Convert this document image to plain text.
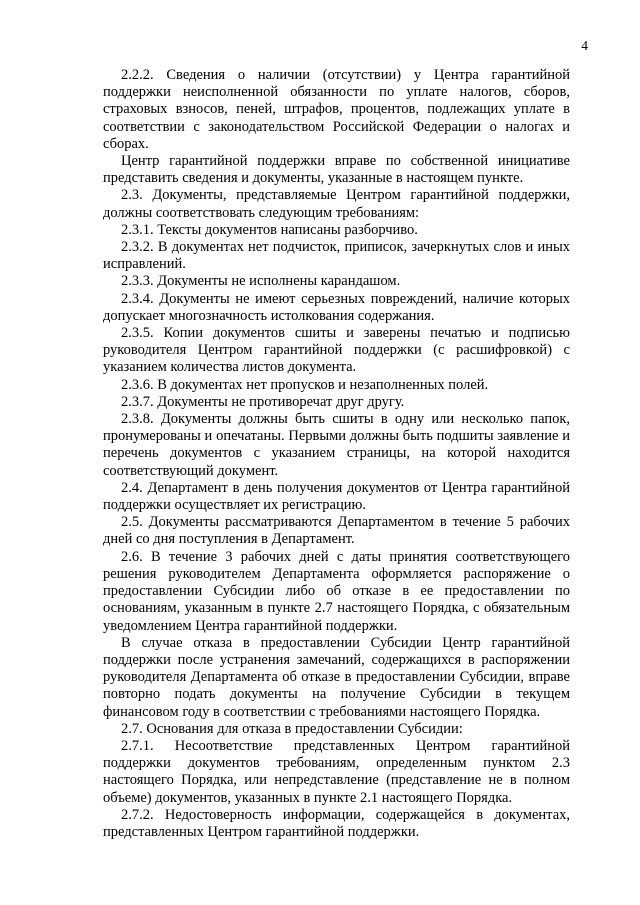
4

2.2.2. Сведения о наличии (отсутствии) у Центра гарантийной поддержки неисполненной обязанности по уплате налогов, сборов, страховых взносов, пеней, штрафов, процентов, подлежащих уплате в соответствии с законодательством Российской Федерации о налогах и сборах.

Центр гарантийной поддержки вправе по собственной инициативе представить сведения и документы, указанные в настоящем пункте.

2.3. Документы, представляемые Центром гарантийной поддержки, должны соответствовать следующим требованиям:

2.3.1. Тексты документов написаны разборчиво.

2.3.2. В документах нет подчисток, приписок, зачеркнутых слов и иных исправлений.

2.3.3. Документы не исполнены карандашом.

2.3.4. Документы не имеют серьезных повреждений, наличие которых допускает многозначность истолкования содержания.

2.3.5. Копии документов сшиты и заверены печатью и подписью руководителя Центром гарантийной поддержки (с расшифровкой) с указанием количества листов документа.

2.3.6. В документах нет пропусков и незаполненных полей.

2.3.7. Документы не противоречат друг другу.

2.3.8. Документы должны быть сшиты в одну или несколько папок, пронумерованы и опечатаны. Первыми должны быть подшиты заявление и перечень документов с указанием страницы, на которой находится соответствующий документ.

2.4. Департамент в день получения документов от Центра гарантийной поддержки осуществляет их регистрацию.

2.5. Документы рассматриваются Департаментом в течение 5 рабочих дней со дня поступления в Департамент.

2.6. В течение 3 рабочих дней с даты принятия соответствующего решения руководителем Департамента оформляется распоряжение о предоставлении Субсидии либо об отказе в ее предоставлении по основаниям, указанным в пункте 2.7 настоящего Порядка, с обязательным уведомлением Центра гарантийной поддержки.

В случае отказа в предоставлении Субсидии Центр гарантийной поддержки после устранения замечаний, содержащихся в распоряжении руководителя Департамента об отказе в предоставлении Субсидии, вправе повторно подать документы на получение Субсидии в текущем финансовом году в соответствии с требованиями настоящего Порядка.

2.7. Основания для отказа в предоставлении Субсидии:

2.7.1. Несоответствие представленных Центром гарантийной поддержки документов требованиям, определенным пунктом 2.3 настоящего Порядка, или непредставление (представление не в полном объеме) документов, указанных в пункте 2.1 настоящего Порядка.

2.7.2. Недостоверность информации, содержащейся в документах, представленных Центром гарантийной поддержки.
